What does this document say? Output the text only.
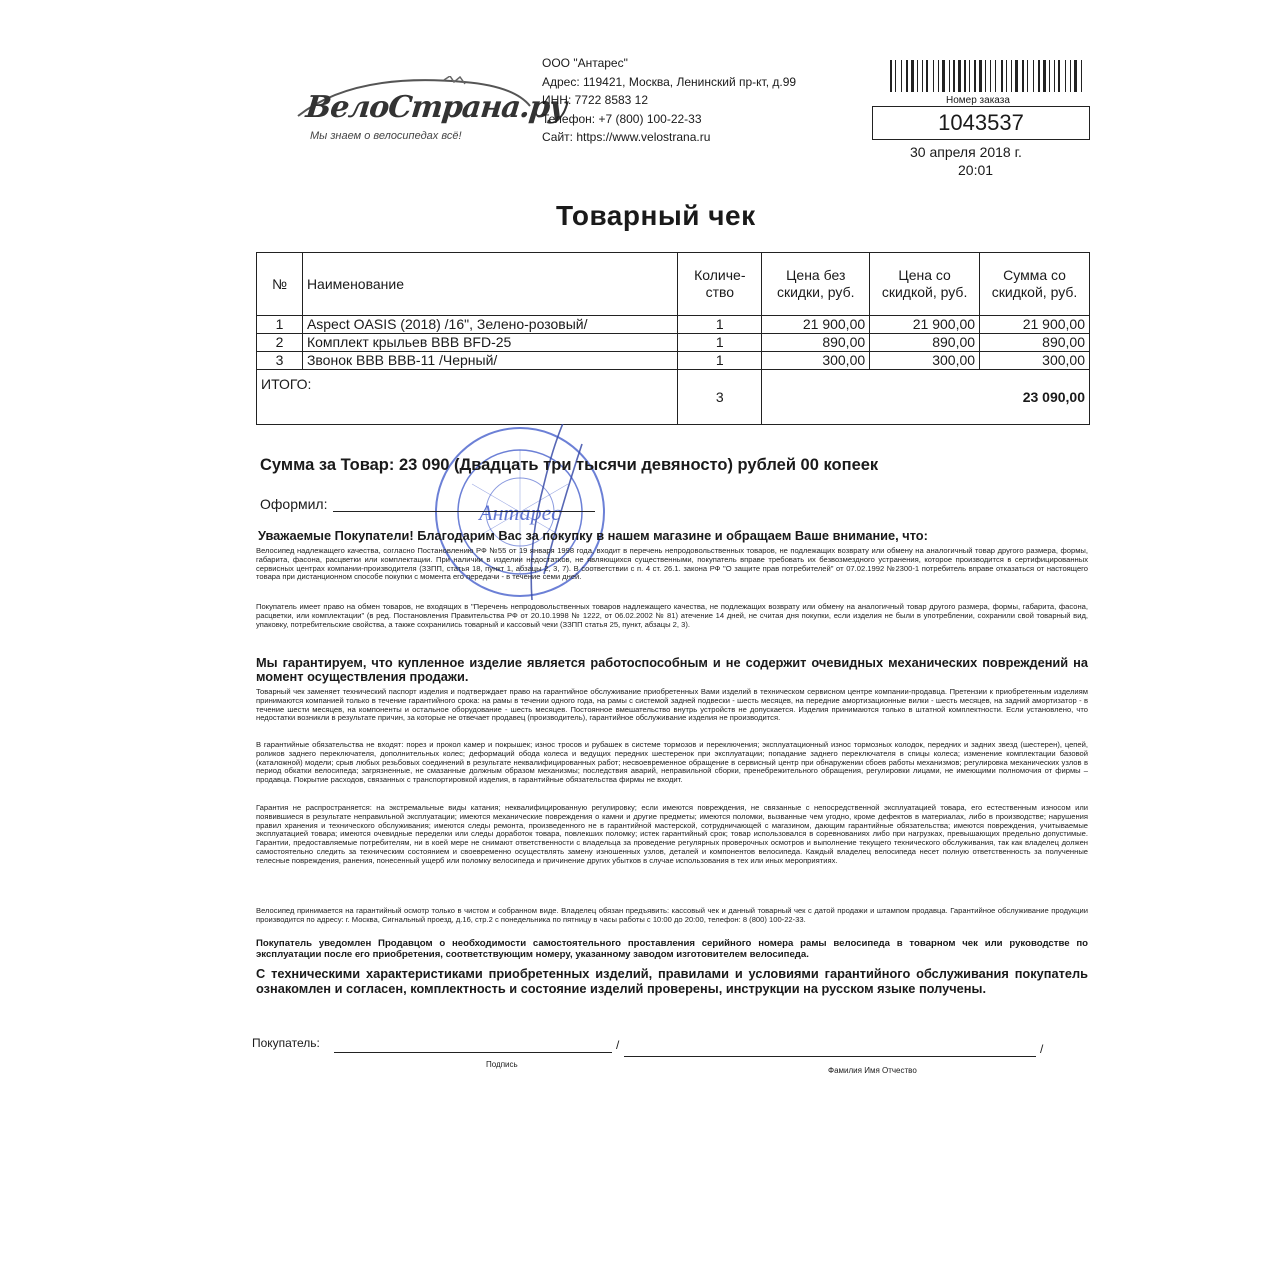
ВелоСтрана.ру
Мы знаем о велосипедах всё!
ООО "Антарес"
Адрес: 119421, Москва, Ленинский пр-кт, д.99
ИНН: 7722 8583 12
Телефон: +7 (800) 100-22-33
Сайт: https://www.velostrana.ru
Номер заказа
1043537
30 апреля 2018 г.
20:01
Товарный чек
№	Наименование	Количе-ство	Цена без скидки, руб.	Цена со скидкой, руб.	Сумма со скидкой, руб.
1	Aspect OASIS (2018) /16", Зелено-розовый/	1	21 900,00	21 900,00	21 900,00
2	Комплект крыльев BBB BFD-25	1	890,00	890,00	890,00
3	Звонок BBB BBB-11 /Черный/	1	300,00	300,00	300,00
ИТОГО:		3	23 090,00		
Антарес
Сумма за Товар: 23 090 (Двадцать три тысячи девяносто) рублей 00 копеек
Оформил:
Уважаемые Покупатели! Благодарим Вас за покупку в нашем магазине и обращаем Ваше внимание, что:
Велосипед надлежащего качества, согласно Постановлению РФ №55 от 19 января 1998 года, входит в перечень непродовольственных товаров, не подлежащих возврату или обмену на аналогичный товар другого размера, формы, габарита, фасона, расцветки или комплектации. При наличии в изделии недостатков, не являющихся существенными, покупатель вправе требовать их безвозмездного устранения, которое производится в сертифицированных сервисных центрах компании-производителя (ЗЗПП, статья 18, пункт 1, абзацы 2, 3, 7). В соответствии с п. 4 ст. 26.1. закона РФ "О защите прав потребителей" от 07.02.1992 №2300-1 потребитель вправе отказаться от настоящего товара при дистанционном способе покупки с момента его передачи - в течение семи дней.
Покупатель имеет право на обмен товаров, не входящих в "Перечень непродовольственных товаров надлежащего качества, не подлежащих возврату или обмену на аналогичный товар другого размера, формы, габарита, фасона, расцветки, или комплектации" (в ред. Постановления Правительства РФ от 20.10.1998 № 1222, от 06.02.2002 № 81) атечение 14 дней, не считая дня покупки, если изделия не были в употреблении, сохранили свой товарный вид, упаковку, потребительские свойства, а также сохранились товарный и кассовый чеки (ЗЗПП статья 25, пункт, абзацы 2, 3).
Мы гарантируем, что купленное изделие является работоспособным и не содержит очевидных механических повреждений на момент осуществления продажи.
Товарный чек заменяет технический паспорт изделия и подтверждает право на гарантийное обслуживание приобретенных Вами изделий в техническом сервисном центре компании-продавца. Претензии к приобретенным изделиям принимаются компанией только в течение гарантийного срока: на рамы в течении одного года, на рамы с системой задней подвески - шесть месяцев, на передние амортизационные вилки - шесть месяцев, на задний амортизатор - в течение шести месяцев, на компоненты и остальное оборудование - шесть месяцев. Постоянное вмешательство внутрь устройств не допускается. Изделия принимаются только в штатной комплектности. Если установлено, что недостатки возникли в результате причин, за которые не отвечает продавец (производитель), гарантийное обслуживание изделия не производится.
В гарантийные обязательства не входят: порез и прокол камер и покрышек; износ тросов и рубашек в системе тормозов и переключения; эксплуатационный износ тормозных колодок, передних и задних звезд (шестерен), цепей, роликов заднего переключателя, дополнительных колес; деформаций обода колеса и ведущих передних шестеренок при эксплуатации; попадание заднего переключателя в спицы колеса; изменение комплектации базовой (каталожной) модели; срыв любых резьбовых соединений в результате неквалифицированных работ; несвоевременное обращение в сервисный центр при обнаружении сбоев работы механизмов; регулировка механических узлов в период обкатки велосипеда; загрязненные, не смазанные должным образом механизмы; последствия аварий, неправильной сборки, пренебрежительного обращения, регулировки лицами, не имеющими полномочия от фирмы – продавца. Покрытие расходов, связанных с транспортировкой изделия, в гарантийные обязательства фирмы не входит.
Гарантия не распространяется: на экстремальные виды катания; неквалифицированную регулировку; если имеются повреждения, не связанные с непосредственной эксплуатацией товара, его естественным износом или появившиеся в результате неправильной эксплуатации; имеются механические повреждения о камни и другие предметы; имеются поломки, вызванные чем угодно, кроме дефектов в материалах, либо в производстве; нарушения правил хранения и технического обслуживания; имеются следы ремонта, произведенного не в гарантийной мастерской, сотрудничающей с магазином, дающим гарантийные обязательства; имеются повреждения, учитываемые эксплуатацией товара; имеются очевидные переделки или следы доработок товара, повлекших поломку; истек гарантийный срок; товар использовался в соревнованиях либо при нагрузках, превышающих предельно допустимые. Гарантии, предоставляемые потребителям, ни в коей мере не снимают ответственности с владельца за проведение регулярных проверочных осмотров и выполнение текущего технического обслуживания, так как владелец должен самостоятельно следить за техническим состоянием и своевременно осуществлять замену изношенных узлов, деталей и компонентов велосипеда. Каждый владелец велосипеда несет полную ответственность за полученные телесные повреждения, ранения, понесенный ущерб или поломку велосипеда и причинение других убытков в случае использования в тех или иных мероприятиях.
Велосипед принимается на гарантийный осмотр только в чистом и собранном виде. Владелец обязан предъявить: кассовый чек и данный товарный чек с датой продажи и штампом продавца. Гарантийное обслуживание продукции производится по адресу: г. Москва, Сигнальный проезд, д.16, стр.2 с понедельника по пятницу в часы работы с 10:00 до 20:00, телефон: 8 (800) 100-22-33.
Покупатель уведомлен Продавцом о необходимости самостоятельного проставления серийного номера рамы велосипеда в товарном чек или руководстве по эксплуатации после его приобретения, соответствующим номеру, указанному заводом изготовителем велосипеда.
С техническими характеристиками приобретенных изделий, правилами и условиями гарантийного обслуживания покупатель ознакомлен и согласен, комплектность и состояние изделий проверены, инструкции на русском языке получены.
Покупатель:	/	/
Подпись
Фамилия Имя Отчество
